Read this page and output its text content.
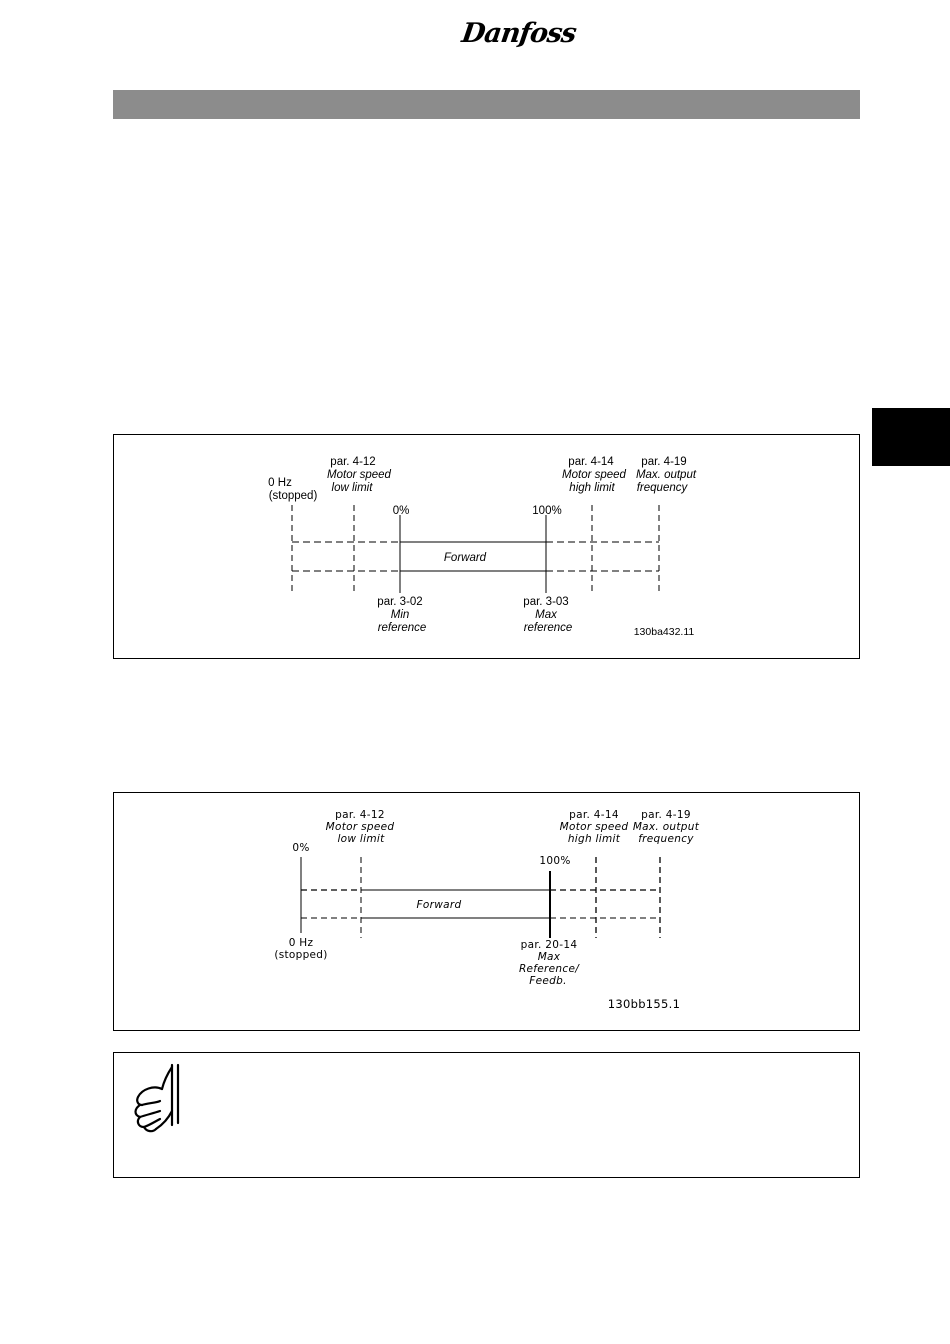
Danfoss
0 Hz
(stopped)
par. 4-12
Motor speed
low limit
0%	100%
par. 4-14
Motor speed
high limit
par. 4-19
Max. output
frequency
Forward
par. 3-02
Min
reference
par. 3-03
Max
reference	130ba432.11
0%
par. 4-12
Motor speed
low limit
par. 4-14
Motor speed
high limit
par. 4-19
Max. output
frequency
100%
Forward
0 Hz
(stopped)
par. 20-14
Max
Reference/
Feedb.
130bb155.1
